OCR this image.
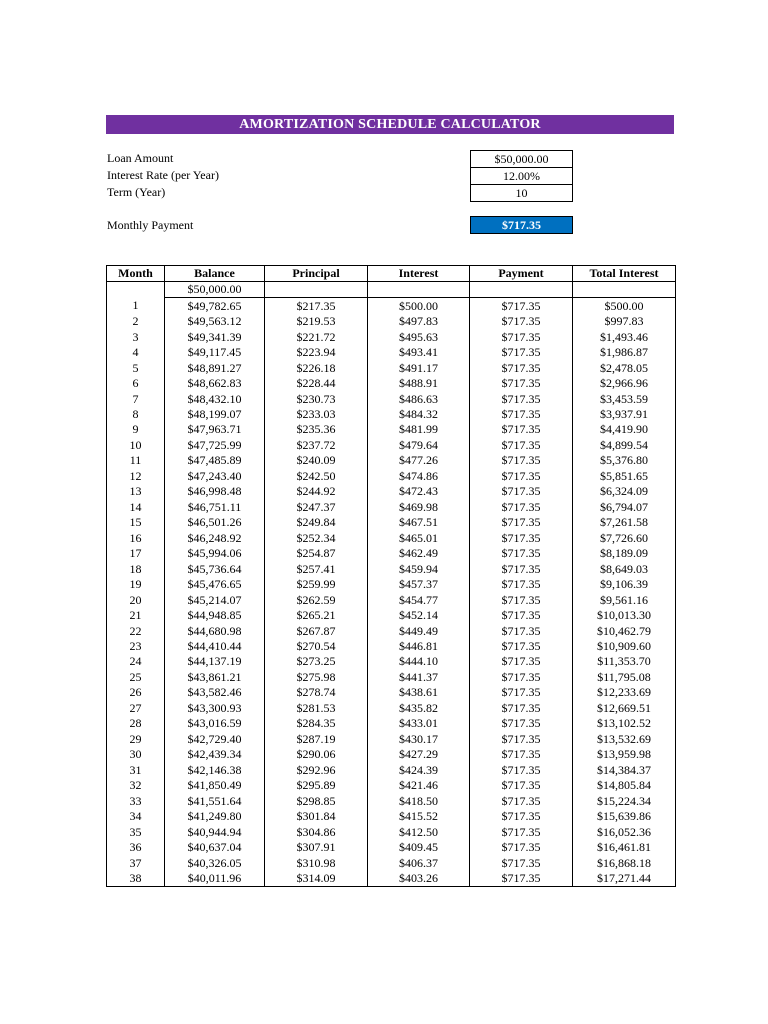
AMORTIZATION SCHEDULE CALCULATOR
Loan Amount	$50,000.00
Interest Rate (per Year)	12.00%
Term (Year)	10
Monthly Payment	$717.35
Month	Balance	Principal	Interest	Payment	Total Interest
	$50,000.00				
1	$49,782.65	$217.35	$500.00	$717.35	$500.00
2	$49,563.12	$219.53	$497.83	$717.35	$997.83
3	$49,341.39	$221.72	$495.63	$717.35	$1,493.46
4	$49,117.45	$223.94	$493.41	$717.35	$1,986.87
5	$48,891.27	$226.18	$491.17	$717.35	$2,478.05
6	$48,662.83	$228.44	$488.91	$717.35	$2,966.96
7	$48,432.10	$230.73	$486.63	$717.35	$3,453.59
8	$48,199.07	$233.03	$484.32	$717.35	$3,937.91
9	$47,963.71	$235.36	$481.99	$717.35	$4,419.90
10	$47,725.99	$237.72	$479.64	$717.35	$4,899.54
11	$47,485.89	$240.09	$477.26	$717.35	$5,376.80
12	$47,243.40	$242.50	$474.86	$717.35	$5,851.65
13	$46,998.48	$244.92	$472.43	$717.35	$6,324.09
14	$46,751.11	$247.37	$469.98	$717.35	$6,794.07
15	$46,501.26	$249.84	$467.51	$717.35	$7,261.58
16	$46,248.92	$252.34	$465.01	$717.35	$7,726.60
17	$45,994.06	$254.87	$462.49	$717.35	$8,189.09
18	$45,736.64	$257.41	$459.94	$717.35	$8,649.03
19	$45,476.65	$259.99	$457.37	$717.35	$9,106.39
20	$45,214.07	$262.59	$454.77	$717.35	$9,561.16
21	$44,948.85	$265.21	$452.14	$717.35	$10,013.30
22	$44,680.98	$267.87	$449.49	$717.35	$10,462.79
23	$44,410.44	$270.54	$446.81	$717.35	$10,909.60
24	$44,137.19	$273.25	$444.10	$717.35	$11,353.70
25	$43,861.21	$275.98	$441.37	$717.35	$11,795.08
26	$43,582.46	$278.74	$438.61	$717.35	$12,233.69
27	$43,300.93	$281.53	$435.82	$717.35	$12,669.51
28	$43,016.59	$284.35	$433.01	$717.35	$13,102.52
29	$42,729.40	$287.19	$430.17	$717.35	$13,532.69
30	$42,439.34	$290.06	$427.29	$717.35	$13,959.98
31	$42,146.38	$292.96	$424.39	$717.35	$14,384.37
32	$41,850.49	$295.89	$421.46	$717.35	$14,805.84
33	$41,551.64	$298.85	$418.50	$717.35	$15,224.34
34	$41,249.80	$301.84	$415.52	$717.35	$15,639.86
35	$40,944.94	$304.86	$412.50	$717.35	$16,052.36
36	$40,637.04	$307.91	$409.45	$717.35	$16,461.81
37	$40,326.05	$310.98	$406.37	$717.35	$16,868.18
38	$40,011.96	$314.09	$403.26	$717.35	$17,271.44
